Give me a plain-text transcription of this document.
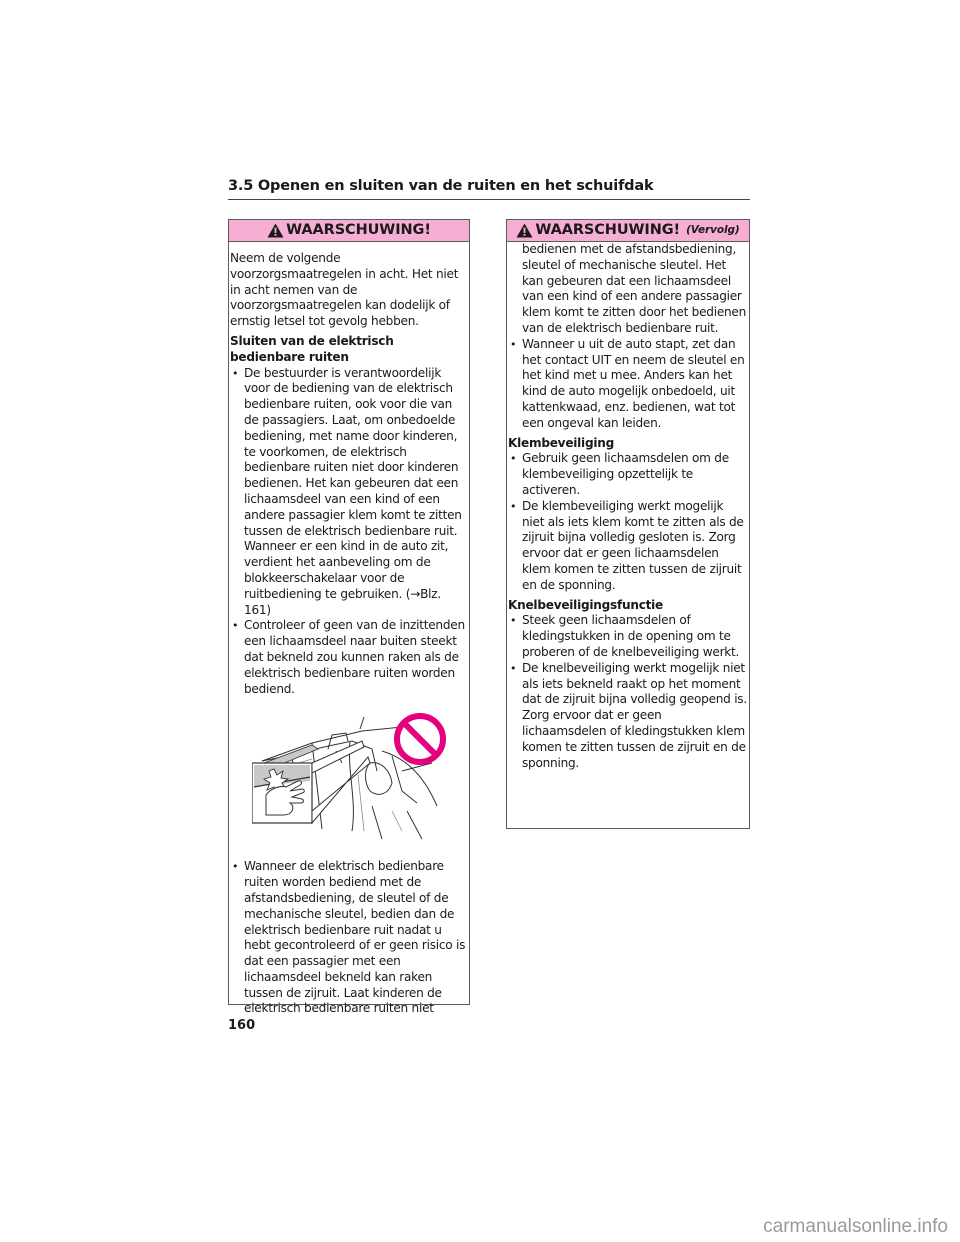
3.5 Openen en sluiten van de ruiten en het schuifdak
WAARSCHUWING!

Neem de volgende voorzorgsmaatregelen in acht. Het niet in acht nemen van de voorzorgsmaatregelen kan dodelijk of ernstig letsel tot gevolg hebben.

Sluiten van de elektrisch bedienbare ruiten
• De bestuurder is verantwoordelijk voor de bediening van de elektrisch bedienbare ruiten, ook voor die van de passagiers. Laat, om onbedoelde bediening, met name door kinderen, te voorkomen, de elektrisch bedienbare ruiten niet door kinderen bedienen. Het kan gebeuren dat een lichaamsdeel van een kind of een andere passagier klem komt te zitten tussen de elektrisch bedienbare ruit. Wanneer er een kind in de auto zit, verdient het aanbeveling om de blokkeerschakelaar voor de ruitbediening te gebruiken. (→Blz. 161)
• Controleer of geen van de inzittenden een lichaamsdeel naar buiten steekt dat bekneld zou kunnen raken als de elektrisch bedienbare ruiten worden bediend.
• Wanneer de elektrisch bedienbare ruiten worden bediend met de afstandsbediening, de sleutel of de mechanische sleutel, bedien dan de elektrisch bedienbare ruit nadat u hebt gecontroleerd of er geen risico is dat een passagier met een lichaamsdeel bekneld kan raken tussen de zijruit. Laat kinderen de elektrisch bedienbare ruiten niet
WAARSCHUWING! (Vervolg)
bedienen met de afstandsbediening, sleutel of mechanische sleutel. Het kan gebeuren dat een lichaamsdeel van een kind of een andere passagier klem komt te zitten door het bedienen van de elektrisch bedienbare ruit.
• Wanneer u uit de auto stapt, zet dan het contact UIT en neem de sleutel en het kind met u mee. Anders kan het kind de auto mogelijk onbedoeld, uit kattenkwaad, enz. bedienen, wat tot een ongeval kan leiden.
Klembeveiliging
• Gebruik geen lichaamsdelen om de klembeveiliging opzettelijk te activeren.
• De klembeveiliging werkt mogelijk niet als iets klem komt te zitten als de zijruit bijna volledig gesloten is. Zorg ervoor dat er geen lichaamsdelen klem komen te zitten tussen de zijruit en de sponning.
Knelbeveiligingsfunctie
• Steek geen lichaamsdelen of kledingstukken in de opening om te proberen of de knelbeveiliging werkt.
• De knelbeveiliging werkt mogelijk niet als iets bekneld raakt op het moment dat de zijruit bijna volledig geopend is. Zorg ervoor dat er geen lichaamsdelen of kledingstukken klem komen te zitten tussen de zijruit en de sponning.
160
carmanualsonline.info
